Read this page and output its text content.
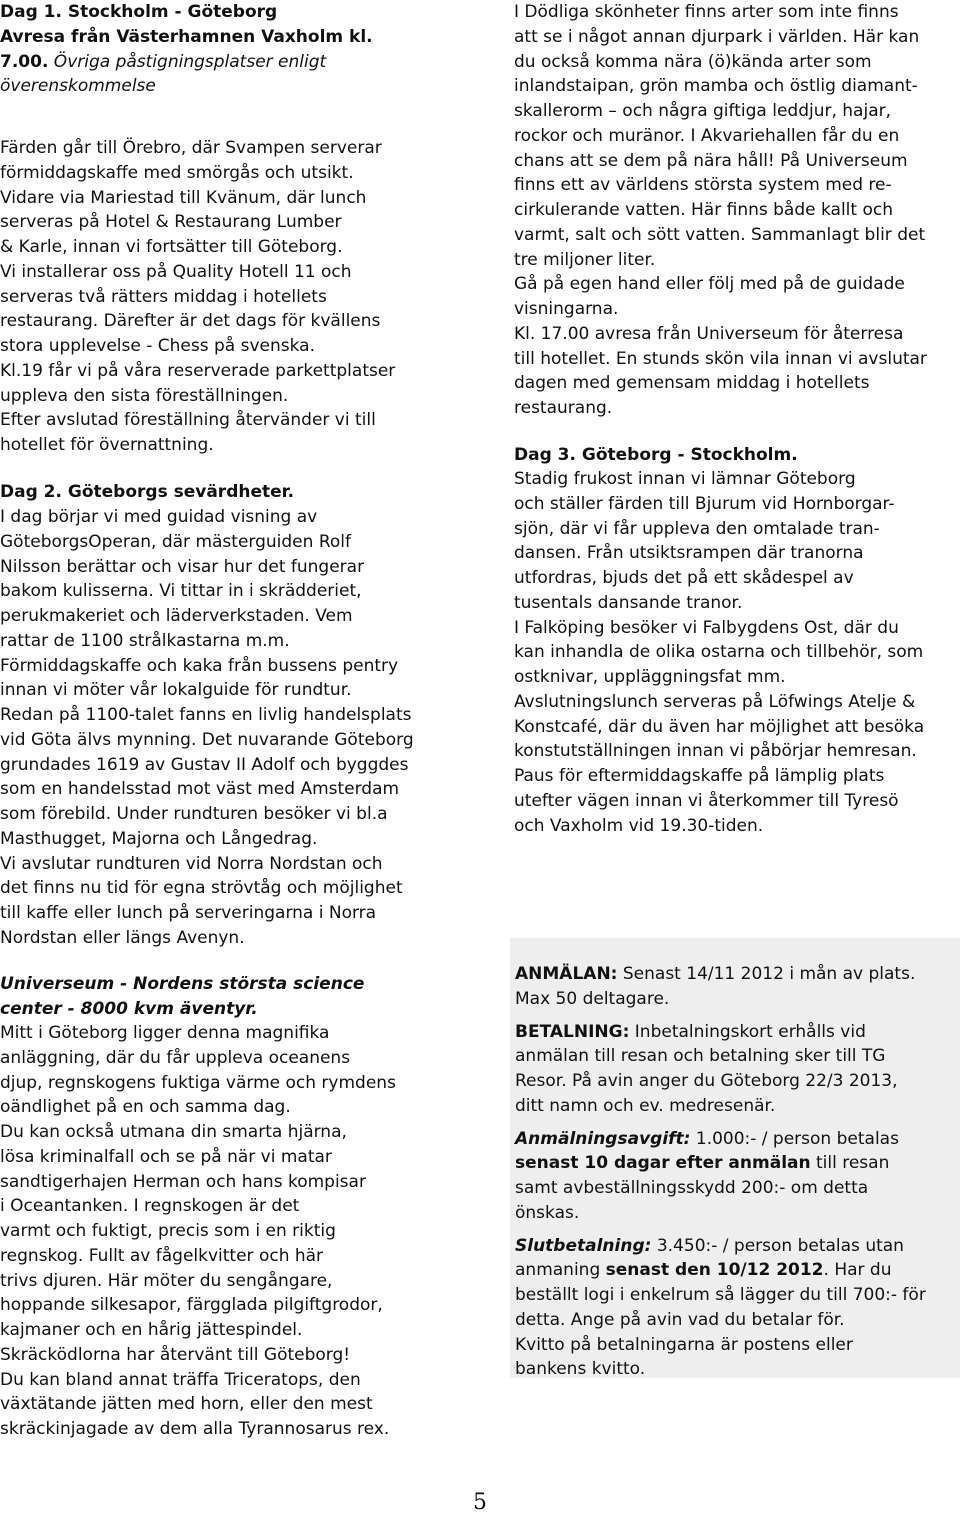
Dag 1. Stockholm - Göteborg
Avresa från Västerhamnen Vaxholm kl.
7.00. Övriga påstigningsplatser enligt
överenskommelse
Färden går till Örebro, där Svampen serverar
förmiddagskaffe med smörgås och utsikt.
Vidare via Mariestad till Kvänum, där lunch
serveras på Hotel & Restaurang Lumber
& Karle, innan vi fortsätter till Göteborg.
Vi installerar oss på Quality Hotell 11 och
serveras två rätters middag i hotellets
restaurang. Därefter är det dags för kvällens
stora upplevelse - Chess på svenska.
Kl.19 får vi på våra reserverade parkettplatser
uppleva den sista föreställningen.
Efter avslutad föreställning återvänder vi till
hotellet för övernattning.
Dag 2. Göteborgs sevärdheter.
I dag börjar vi med guidad visning av
GöteborgsOperan, där mästerguiden Rolf
Nilsson berättar och visar hur det fungerar
bakom kulisserna. Vi tittar in i skrädderiet,
perukmakeriet och läderverkstaden. Vem
rattar de 1100 strålkastarna m.m.
Förmiddagskaffe och kaka från bussens pentry
innan vi möter vår lokalguide för rundtur.
Redan på 1100-talet fanns en livlig handelsplats
vid Göta älvs mynning. Det nuvarande Göteborg
grundades 1619 av Gustav II Adolf och byggdes
som en handelsstad mot väst med Amsterdam
som förebild. Under rundturen besöker vi bl.a
Masthugget, Majorna och Långedrag.
Vi avslutar rundturen vid Norra Nordstan och
det finns nu tid för egna strövtåg och möjlighet
till kaffe eller lunch på serveringarna i Norra
Nordstan eller längs Avenyn.
Universeum - Nordens största science
center - 8000 kvm äventyr.
Mitt i Göteborg ligger denna magnifika
anläggning, där du får uppleva oceanens
djup, regnskogens fuktiga värme och rymdens
oändlighet på en och samma dag.
Du kan också utmana din smarta hjärna,
lösa kriminalfall och se på när vi matar
sandtigerhajen Herman och hans kompisar
i Oceantanken. I regnskogen är det
varmt och fuktigt, precis som i en riktig
regnskog. Fullt av fågelkvitter och här
trivs djuren. Här möter du sengångare,
hoppande silkesapor, färgglada pilgiftgrodor,
kajmaner och en hårig jättespindel.
Skräcködlorna har återvänt till Göteborg!
Du kan bland annat träffa Triceratops, den
växtätande jätten med horn, eller den mest
skräckinjagade av dem alla Tyrannosarus rex.
I Dödliga skönheter finns arter som inte finns
att se i något annan djurpark i världen. Här kan
du också komma nära (ö)kända arter som
inlandstaipan, grön mamba och östlig diamant-
skallerorm – och några giftiga leddjur, hajar,
rockor och muränor. I Akvariehallen får du en
chans att se dem på nära håll! På Universeum
finns ett av världens största system med re-
cirkulerande vatten. Här finns både kallt och
varmt, salt och sött vatten. Sammanlagt blir det
tre miljoner liter.
Gå på egen hand eller följ med på de guidade
visningarna.
Kl. 17.00 avresa från Universeum för återresa
till hotellet. En stunds skön vila innan vi avslutar
dagen med gemensam middag i hotellets
restaurang.
Dag 3. Göteborg - Stockholm.
Stadig frukost innan vi lämnar Göteborg
och ställer färden till Bjurum vid Hornborgar-
sjön, där vi får uppleva den omtalade tran-
dansen. Från utsiktsrampen där tranorna
utfordras, bjuds det på ett skådespel av
tusentals dansande tranor.
I Falköping besöker vi Falbygdens Ost, där du
kan inhandla de olika ostarna och tillbehör, som
ostknivar, uppläggningsfat mm.
Avslutningslunch serveras på Löfwings Atelje &
Konstcafé, där du även har möjlighet att besöka
konstutställningen innan vi påbörjar hemresan.
Paus för eftermiddagskaffe på lämplig plats
utefter vägen innan vi återkommer till Tyresö
och Vaxholm vid 19.30-tiden.
ANMÄLAN: Senast 14/11 2012 i mån av plats.
Max 50 deltagare.
BETALNING: Inbetalningskort erhålls vid
anmälan till resan och betalning sker till TG
Resor. På avin anger du Göteborg 22/3 2013,
ditt namn och ev. medresenär.
Anmälningsavgift: 1.000:- / person betalas
senast 10 dagar efter anmälan till resan
samt avbeställningsskydd 200:- om detta
önskas.
Slutbetalning: 3.450:- / person betalas utan
anmaning senast den 10/12 2012. Har du
beställt logi i enkelrum så lägger du till 700:- för
detta. Ange på avin vad du betalar för.
Kvitto på betalningarna är postens eller
bankens kvitto.
5
